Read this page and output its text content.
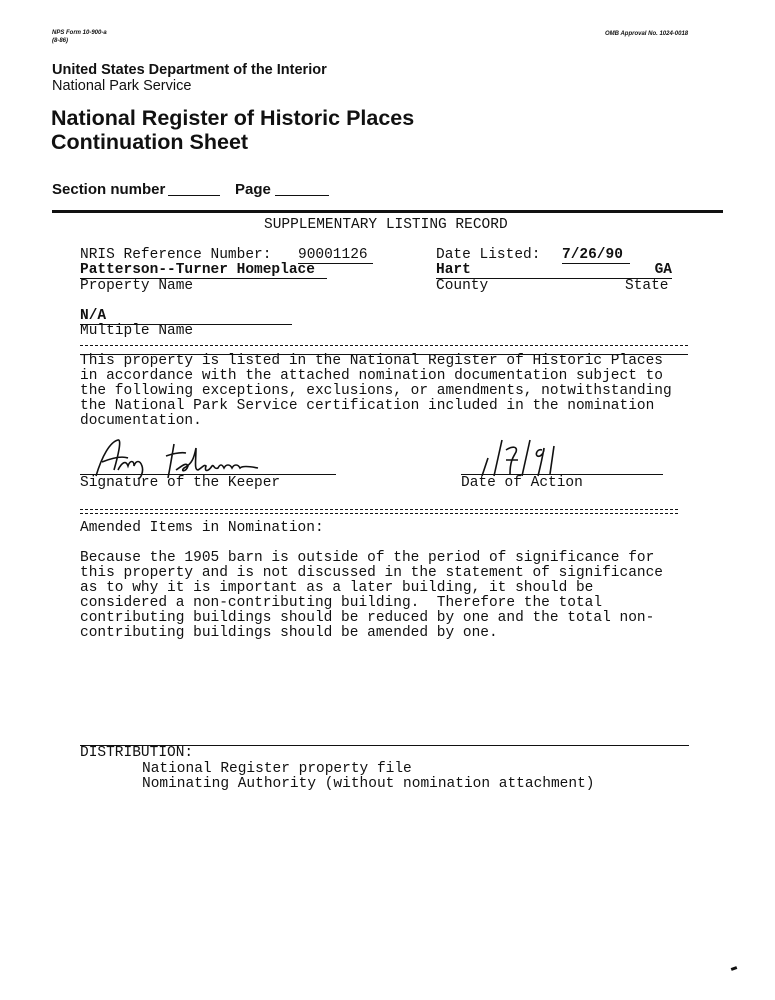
NPS Form 10-900-a
(8-86)
OMB Approval No. 1024-0018
United States Department of the Interior
National Park Service
National Register of Historic Places
Continuation Sheet
Section number	Page
SUPPLEMENTARY LISTING RECORD
NRIS Reference Number: 90001126	Date Listed: 7/26/90
Patterson--Turner Homeplace	Hart	GA
Property Name	County	State
N/A
Multiple Name
This property is listed in the National Register of Historic Places
in accordance with the attached nomination documentation subject to
the following exceptions, exclusions, or amendments, notwithstanding
the National Park Service certification included in the nomination
documentation.
Signature of the Keeper	Date of Action
Amended Items in Nomination:
Because the 1905 barn is outside of the period of significance for
this property and is not discussed in the statement of significance
as to why it is important as a later building, it should be
considered a non-contributing building.  Therefore the total
contributing buildings should be reduced by one and the total non-
contributing buildings should be amended by one.
DISTRIBUTION:
National Register property file
Nominating Authority (without nomination attachment)
